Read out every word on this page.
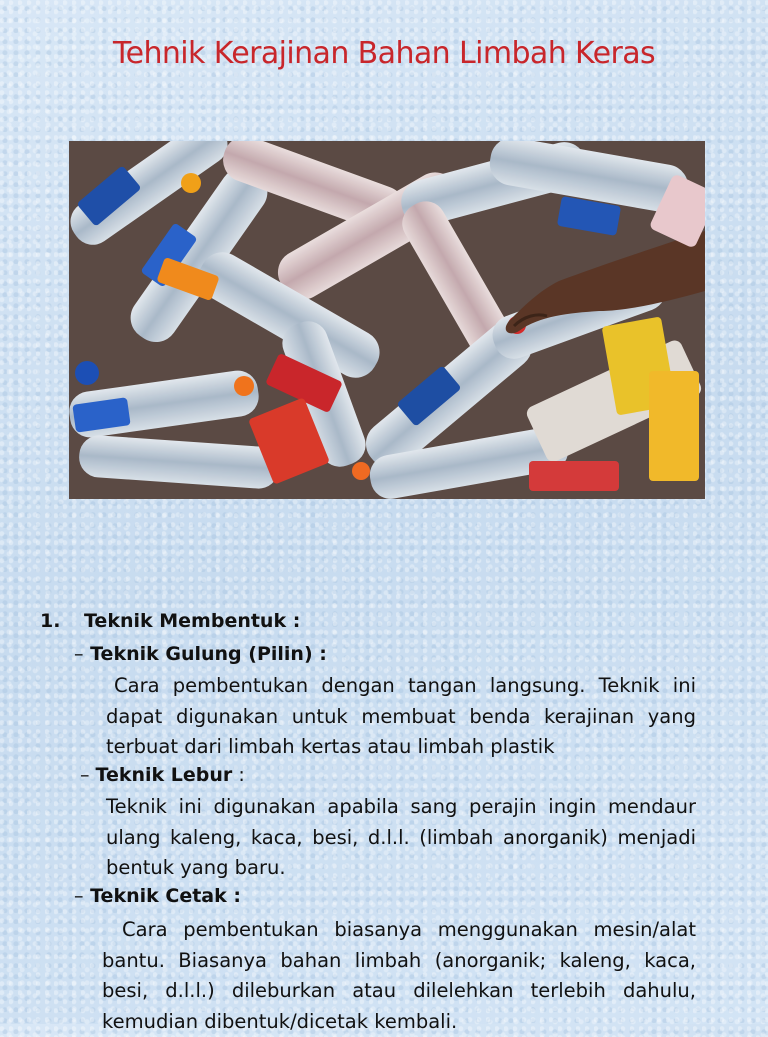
Tehnik Kerajinan Bahan Limbah Keras
1. Teknik Membentuk :
– Teknik Gulung (Pilin) :
Cara pembentukan dengan tangan langsung. Teknik ini dapat digunakan untuk membuat benda kerajinan yang terbuat dari limbah kertas atau limbah plastik
– Teknik Lebur :
Teknik ini digunakan apabila sang perajin ingin mendaur ulang kaleng, kaca, besi, d.l.l. (limbah anorganik) menjadi bentuk yang baru.
– Teknik Cetak :
Cara pembentukan biasanya menggunakan mesin/alat bantu. Biasanya bahan limbah (anorganik; kaleng, kaca, besi, d.l.l.) dileburkan atau dilelehkan terlebih dahulu, kemudian dibentuk/dicetak kembali.
